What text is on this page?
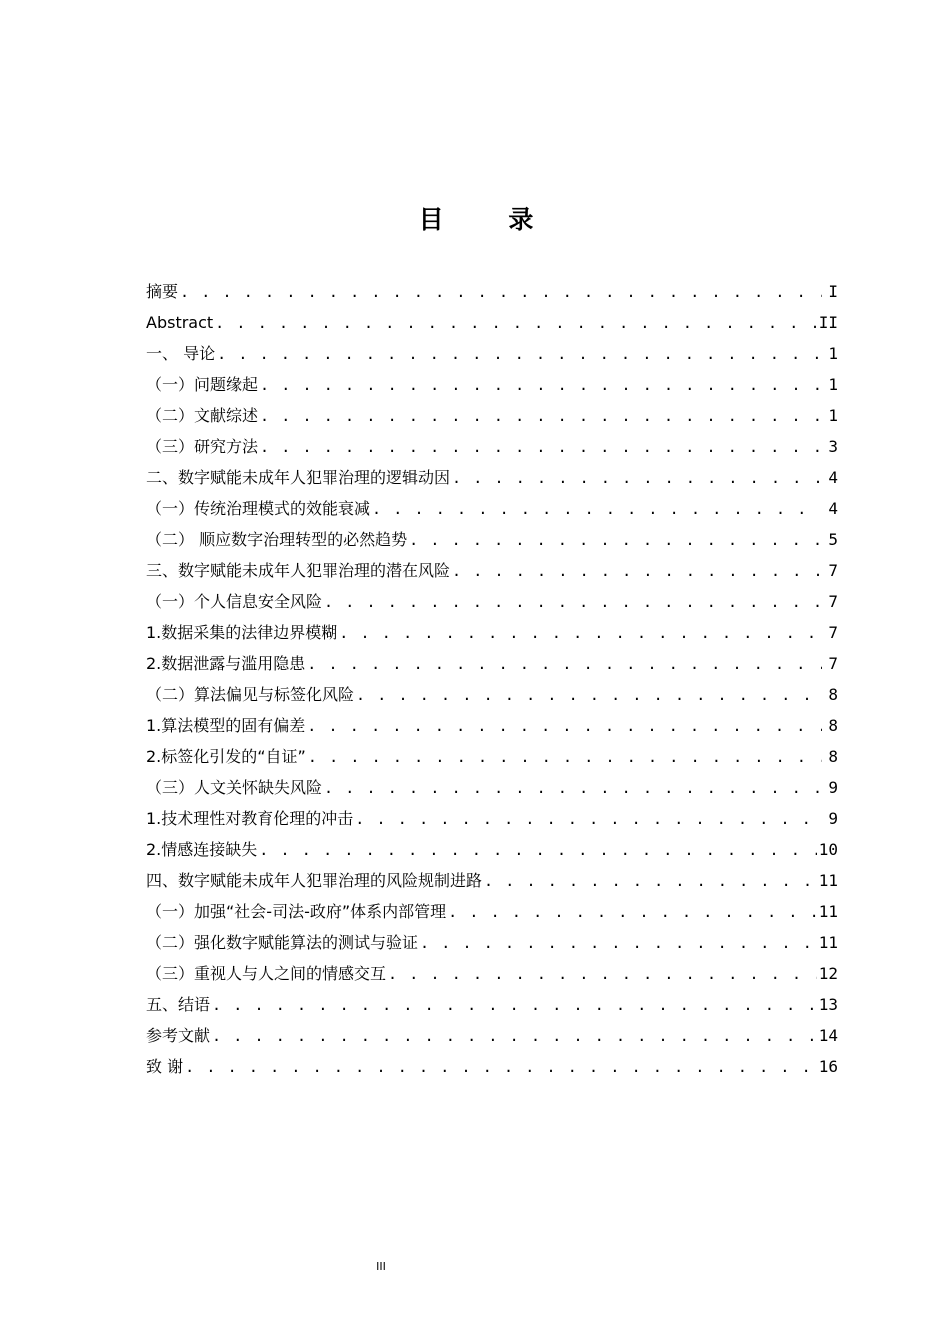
目 录
摘要 . . .	I
Abstract . . .	II
一、 导论 . . .	1
（一）问题缘起 . . .	1
（二）文献综述 . . .	1
（三）研究方法 . . .	3
二、数字赋能未成年人犯罪治理的逻辑动因 . . .	4
（一）传统治理模式的效能衰减 . . .	4
（二） 顺应数字治理转型的必然趋势 . . .	5
三、数字赋能未成年人犯罪治理的潜在风险 . . .	7
（一）个人信息安全风险 . . .	7
1.数据采集的法律边界模糊 . . .	7
2.数据泄露与滥用隐患 . . .	7
（二）算法偏见与标签化风险 . . .	8
1.算法模型的固有偏差 . . .	8
2.标签化引发的“自证” . . .	8
（三）人文关怀缺失风险 . . .	9
1.技术理性对教育伦理的冲击 . . .	9
2.情感连接缺失 . . .	10
四、数字赋能未成年人犯罪治理的风险规制进路 . . .	11
（一）加强“社会-司法-政府”体系内部管理 . . .	11
（二）强化数字赋能算法的测试与验证 . . .	11
（三）重视人与人之间的情感交互 . . .	12
五、结语 . . .	13
参考文献 . . .	14
致 谢 . . .	16
III
